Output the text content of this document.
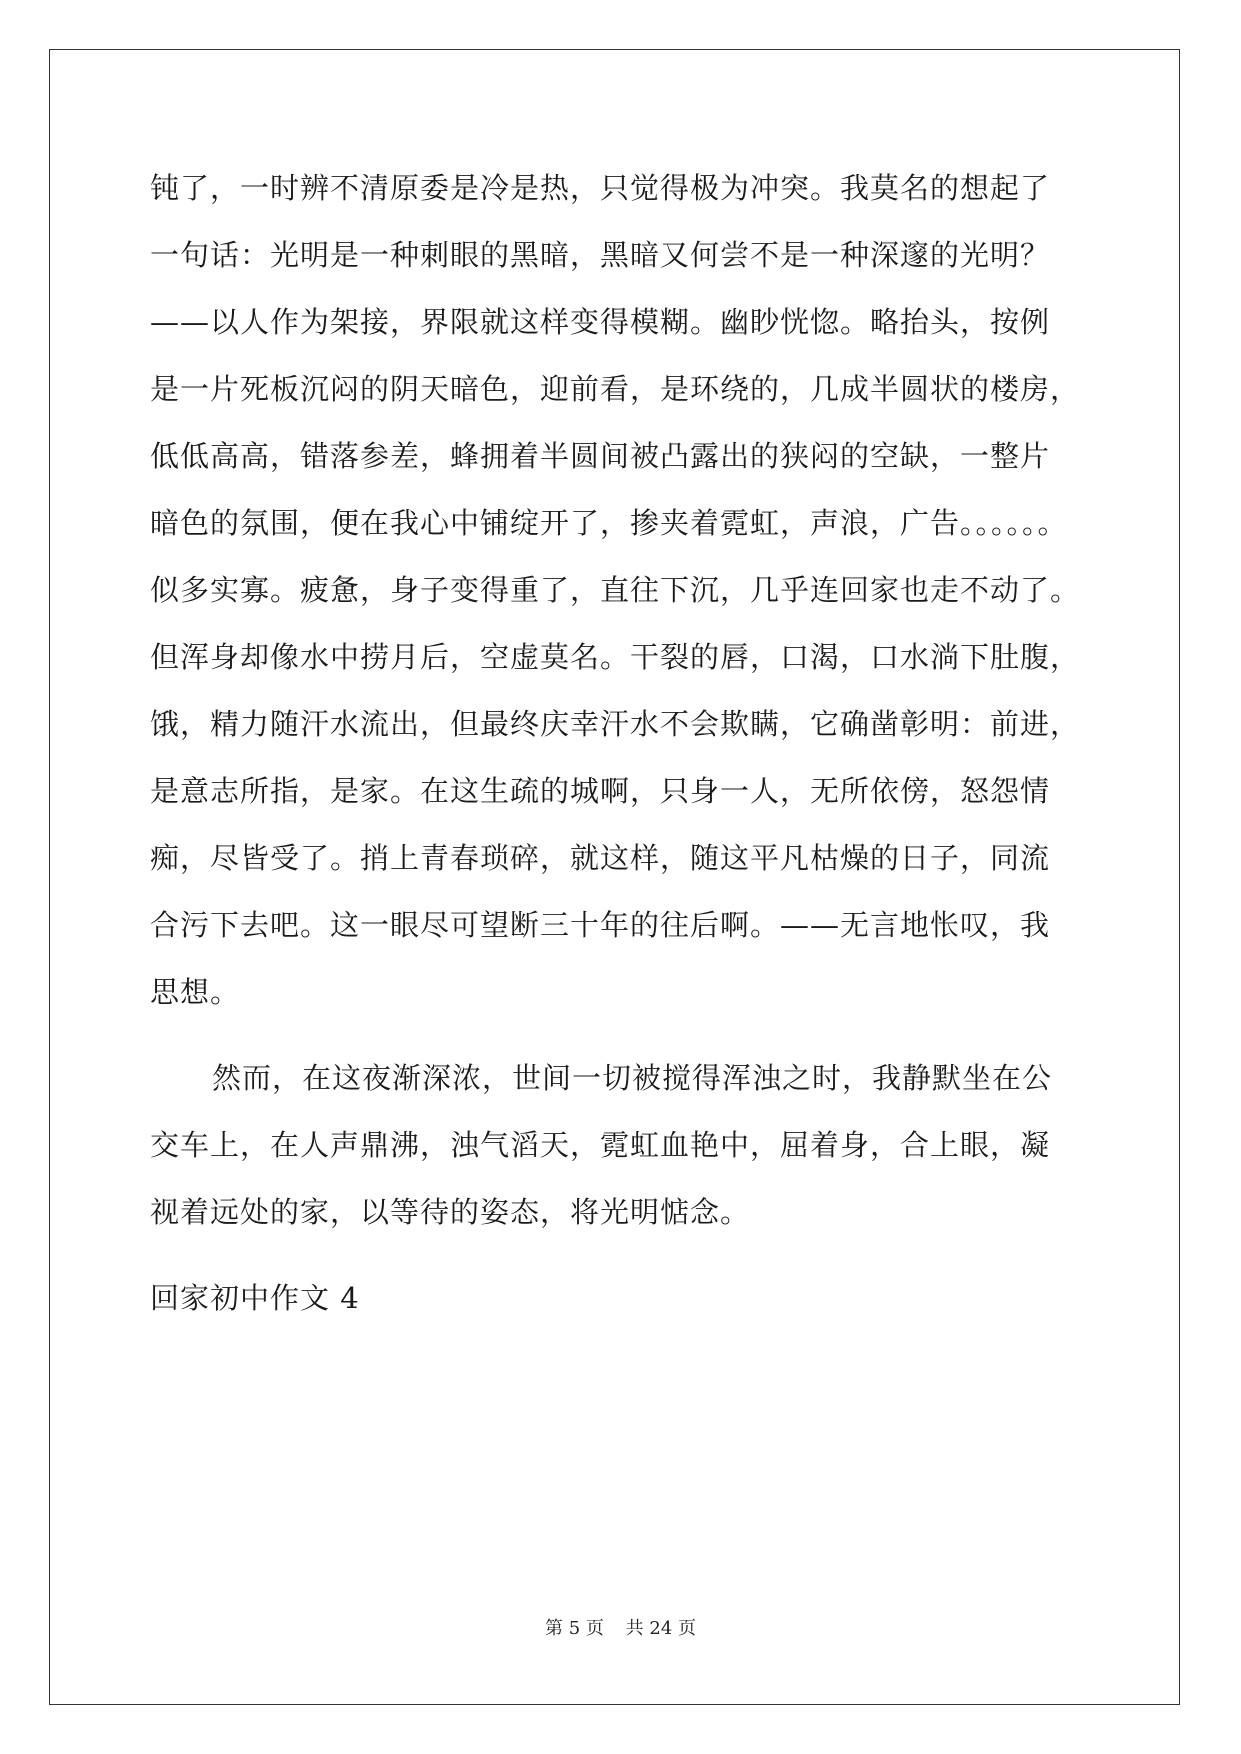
钝了，一时辨不清原委是冷是热，只觉得极为冲突。我莫名的想起了
一句话：光明是一种刺眼的黑暗，黑暗又何尝不是一种深邃的光明？
——以人作为架接，界限就这样变得模糊。幽眇恍惚。略抬头，按例
是一片死板沉闷的阴天暗色，迎前看，是环绕的，几成半圆状的楼房，
低低高高，错落参差，蜂拥着半圆间被凸露出的狭闷的空缺，一整片
暗色的氛围，便在我心中铺绽开了，掺夹着霓虹，声浪，广告。。。。。。
似多实寡。疲惫，身子变得重了，直往下沉，几乎连回家也走不动了。
但浑身却像水中捞月后，空虚莫名。干裂的唇，口渴，口水淌下肚腹，
饿，精力随汗水流出，但最终庆幸汗水不会欺瞒，它确凿彰明：前进，
是意志所指，是家。在这生疏的城啊，只身一人，无所依傍，怒怨情
痴，尽皆受了。捎上青春琐碎，就这样，随这平凡枯燥的日子，同流
合污下去吧。这一眼尽可望断三十年的往后啊。——无言地怅叹，我
思想。
然而，在这夜渐深浓，世间一切被搅得浑浊之时，我静默坐在公
交车上，在人声鼎沸，浊气滔天，霓虹血艳中，屈着身，合上眼，凝
视着远处的家，以等待的姿态，将光明惦念。
回家初中作文 4
第 5 页 共 24 页
